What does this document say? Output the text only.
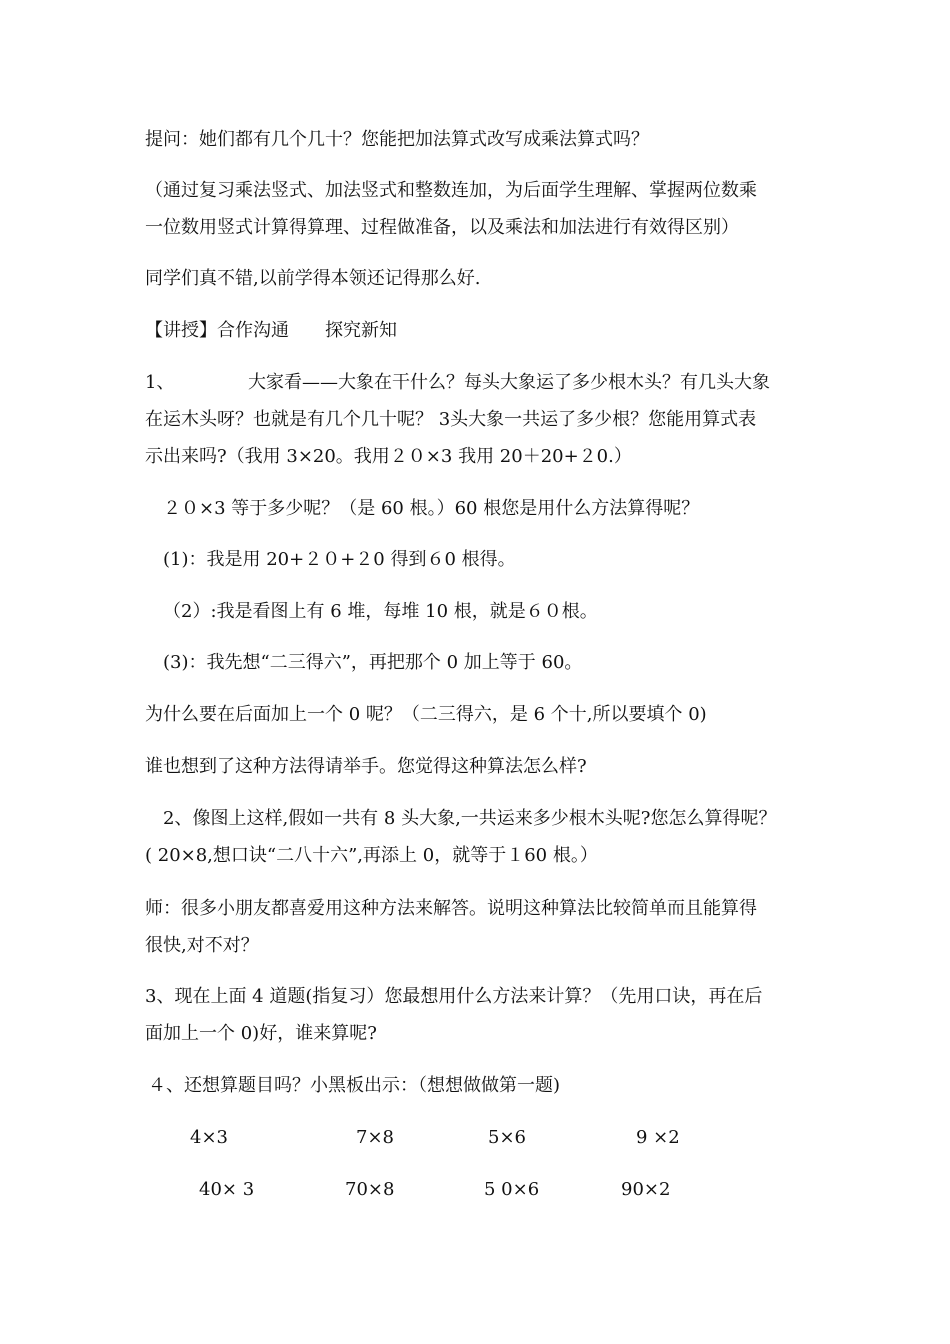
提问：她们都有几个几十？您能把加法算式改写成乘法算式吗？
（通过复习乘法竖式、加法竖式和整数连加，为后面学生理解、掌握两位数乘
一位数用竖式计算得算理、过程做准备，以及乘法和加法进行有效得区别）
同学们真不错,以前学得本领还记得那么好.
【讲授】合作沟通　　探究新知
1、	大家看——大象在干什么？每头大象运了多少根木头？有几头大象
在运木头呀？也就是有几个几十呢？ 3头大象一共运了多少根？您能用算式表
示出来吗?（我用 3×20。我用２０×3 我用 20＋20+２0.）
２０×3 等于多少呢？（是 60 根。）60 根您是用什么方法算得呢？
(1)：我是用 20+２０+２0 得到６0 根得。
（2）:我是看图上有 6 堆，每堆 10 根，就是６０根。
(3)：我先想“二三得六”，再把那个 0 加上等于 60。
为什么要在后面加上一个 0 呢？（二三得六，是 6 个十,所以要填个 0)
谁也想到了这种方法得请举手。您觉得这种算法怎么样?
2、像图上这样,假如一共有 8 头大象,一共运来多少根木头呢?您怎么算得呢？
( 20×8,想口诀“二八十六”,再添上 0，就等于１60 根。）
师：很多小朋友都喜爱用这种方法来解答。说明这种算法比较简单而且能算得
很快,对不对？
3、现在上面 4 道题(指复习）您最想用什么方法来计算？（先用口诀，再在后
面加上一个 0)好，谁来算呢?
４、还想算题目吗？小黑板出示：（想想做做第一题)
4×3	7×8	5×6	9 ×2
40× 3	70×8	5 0×6	90×2
